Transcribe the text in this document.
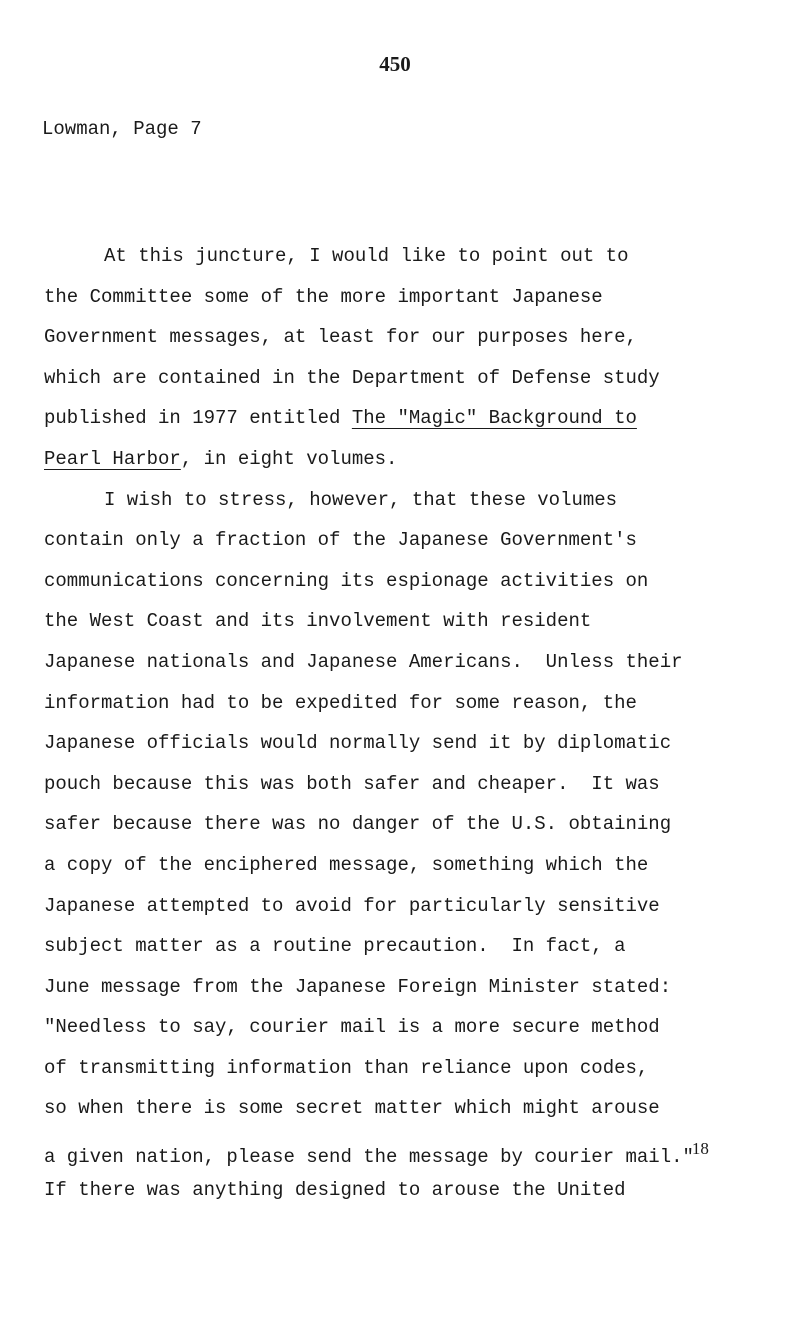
450
Lowman, Page 7
At this juncture, I would like to point out to
the Committee some of the more important Japanese
Government messages, at least for our purposes here,
which are contained in the Department of Defense study
published in 1977 entitled The "Magic" Background to
Pearl Harbor, in eight volumes.
I wish to stress, however, that these volumes
contain only a fraction of the Japanese Government's
communications concerning its espionage activities on
the West Coast and its involvement with resident
Japanese nationals and Japanese Americans.  Unless their
information had to be expedited for some reason, the
Japanese officials would normally send it by diplomatic
pouch because this was both safer and cheaper.  It was
safer because there was no danger of the U.S. obtaining
a copy of the enciphered message, something which the
Japanese attempted to avoid for particularly sensitive
subject matter as a routine precaution.  In fact, a
June message from the Japanese Foreign Minister stated:
"Needless to say, courier mail is a more secure method
of transmitting information than reliance upon codes,
so when there is some secret matter which might arouse
a given nation, please send the message by courier mail."18
If there was anything designed to arouse the United
